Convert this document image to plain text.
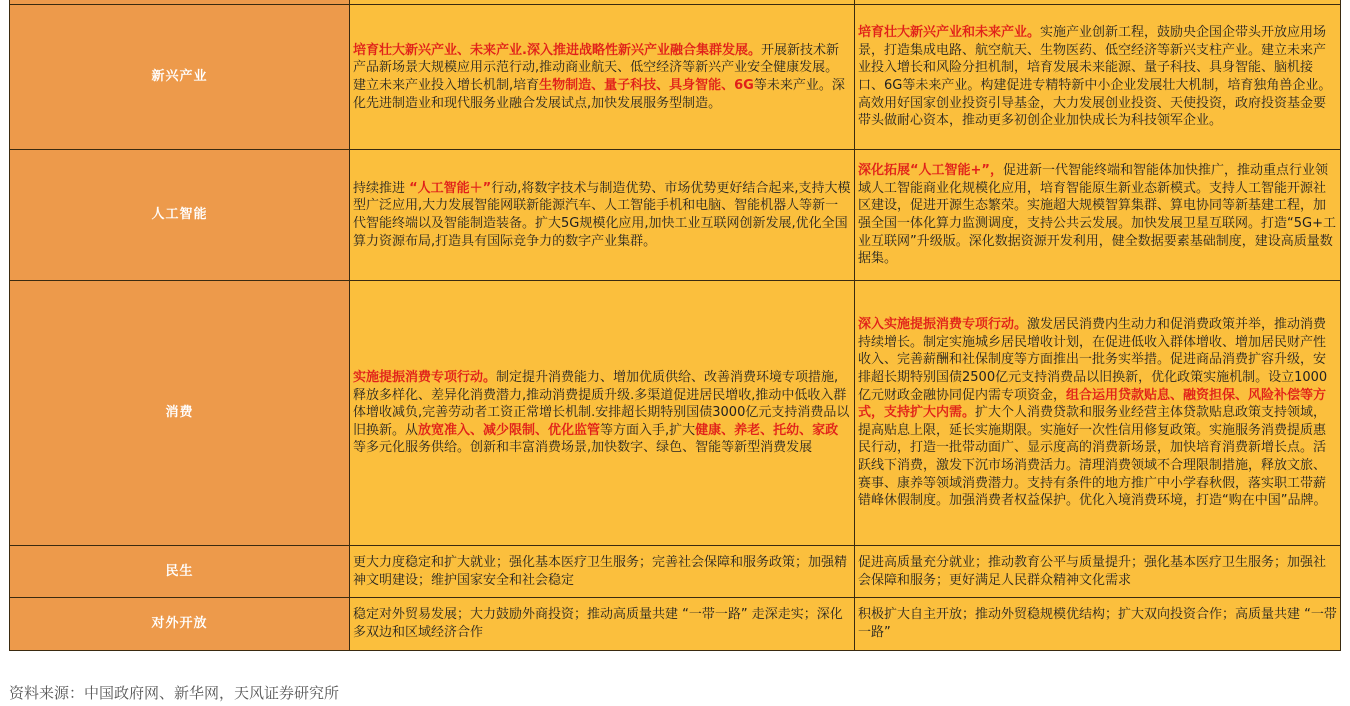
新兴产业	培育壮大新兴产业、未来产业.深入推进战略性新兴产业融合集群发展。开展新技术新产品新场景大规模应用示范行动,推动商业航天、低空经济等新兴产业安全健康发展。建立未来产业投入增长机制,培育生物制造、量子科技、具身智能、6G等未来产业。深化先进制造业和现代服务业融合发展试点,加快发展服务型制造。	培育壮大新兴产业和未来产业。实施产业创新工程，鼓励央企国企带头开放应用场景，打造集成电路、航空航天、生物医药、低空经济等新兴支柱产业。建立未来产业投入增长和风险分担机制，培育发展未来能源、量子科技、具身智能、脑机接口、6G等未来产业。构建促进专精特新中小企业发展壮大机制，培育独角兽企业。高效用好国家创业投资引导基金，大力发展创业投资、天使投资，政府投资基金要带头做耐心资本，推动更多初创企业加快成长为科技领军企业。
人工智能	持续推进 “人工智能＋”行动,将数字技术与制造优势、市场优势更好结合起来,支持大模型广泛应用,大力发展智能网联新能源汽车、人工智能手机和电脑、智能机器人等新一代智能终端以及智能制造装备。扩大5G规模化应用,加快工业互联网创新发展,优化全国算力资源布局,打造具有国际竞争力的数字产业集群。	深化拓展“人工智能+”，促进新一代智能终端和智能体加快推广，推动重点行业领域人工智能商业化规模化应用，培育智能原生新业态新模式。支持人工智能开源社区建设，促进开源生态繁荣。实施超大规模智算集群、算电协同等新基建工程，加强全国一体化算力监测调度，支持公共云发展。加快发展卫星互联网。打造“5G+工业互联网”升级版。深化数据资源开发利用，健全数据要素基础制度，建设高质量数据集。
消费	实施提振消费专项行动。制定提升消费能力、增加优质供给、改善消费环境专项措施,释放多样化、差异化消费潜力,推动消费提质升级.多渠道促进居民增收,推动中低收入群体增收减负,完善劳动者工资正常增长机制.安排超长期特别国债3000亿元支持消费品以旧换新。从放宽准入、减少限制、优化监管等方面入手,扩大健康、养老、托幼、家政等多元化服务供给。创新和丰富消费场景,加快数字、绿色、智能等新型消费发展	深入实施提振消费专项行动。激发居民消费内生动力和促消费政策并举，推动消费持续增长。制定实施城乡居民增收计划，在促进低收入群体增收、增加居民财产性收入、完善薪酬和社保制度等方面推出一批务实举措。促进商品消费扩容升级，安排超长期特别国债2500亿元支持消费品以旧换新，优化政策实施机制。设立1000亿元财政金融协同促内需专项资金，组合运用贷款贴息、融资担保、风险补偿等方式，支持扩大内需。扩大个人消费贷款和服务业经营主体贷款贴息政策支持领域，提高贴息上限，延长实施期限。实施好一次性信用修复政策。实施服务消费提质惠民行动，打造一批带动面广、显示度高的消费新场景，加快培育消费新增长点。活跃线下消费，激发下沉市场消费活力。清理消费领域不合理限制措施，释放文旅、赛事、康养等领域消费潜力。支持有条件的地方推广中小学春秋假，落实职工带薪错峰休假制度。加强消费者权益保护。优化入境消费环境，打造“购在中国”品牌。
民生	更大力度稳定和扩大就业；强化基本医疗卫生服务；完善社会保障和服务政策；加强精神文明建设；维护国家安全和社会稳定	促进高质量充分就业；推动教育公平与质量提升；强化基本医疗卫生服务；加强社会保障和服务；更好满足人民群众精神文化需求
对外开放	稳定对外贸易发展；大力鼓励外商投资；推动高质量共建 “一带一路” 走深走实；深化多双边和区域经济合作	积极扩大自主开放；推动外贸稳规模优结构；扩大双向投资合作；高质量共建 “一带一路”
资料来源：中国政府网、新华网，天风证券研究所
